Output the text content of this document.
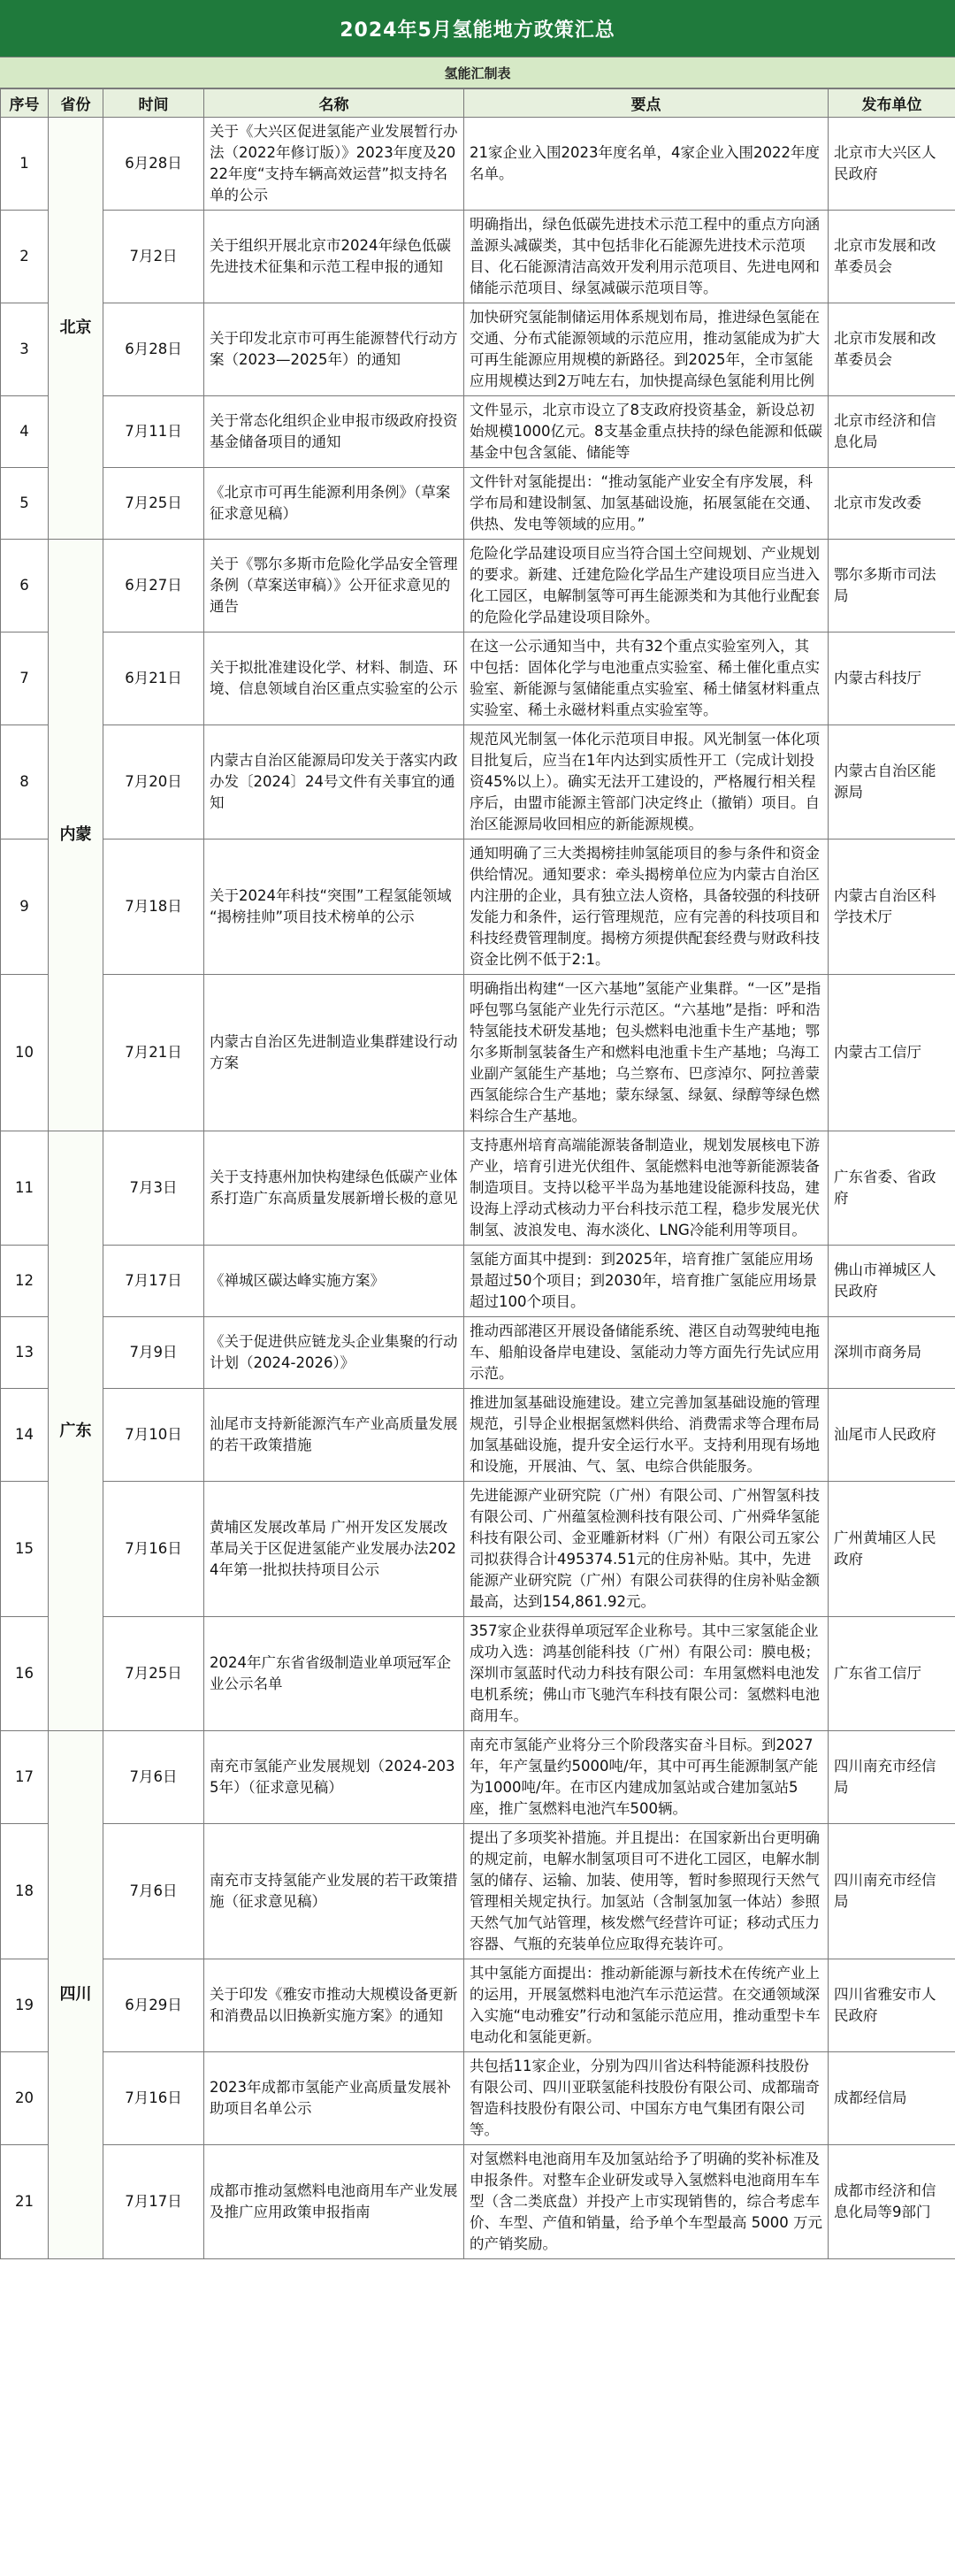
2024年5月氢能地方政策汇总
氢能汇制表
序号	省份	时间	名称	要点	发布单位
1	北京	6月28日	关于《大兴区促进氢能产业发展暂行办法（2022年修订版）》2023年度及2022年度“支持车辆高效运营”拟支持名单的公示	21家企业入围2023年度名单，4家企业入围2022年度名单。	北京市大兴区人民政府
2		7月2日	关于组织开展北京市2024年绿色低碳先进技术征集和示范工程申报的通知	明确指出，绿色低碳先进技术示范工程中的重点方向涵盖源头减碳类，其中包括非化石能源先进技术示范项目、化石能源清洁高效开发利用示范项目、先进电网和储能示范项目、绿氢减碳示范项目等。	北京市发展和改革委员会
3		6月28日	关于印发北京市可再生能源替代行动方案（2023—2025年）的通知	加快研究氢能制储运用体系规划布局，推进绿色氢能在交通、分布式能源领域的示范应用，推动氢能成为扩大可再生能源应用规模的新路径。到2025年，全市氢能应用规模达到2万吨左右，加快提高绿色氢能利用比例	北京市发展和改革委员会
4		7月11日	关于常态化组织企业申报市级政府投资基金储备项目的通知	文件显示，北京市设立了8支政府投资基金，新设总初始规模1000亿元。8支基金重点扶持的绿色能源和低碳基金中包含氢能、储能等	北京市经济和信息化局
5		7月25日	《北京市可再生能源利用条例》（草案征求意见稿）	文件针对氢能提出：“推动氢能产业安全有序发展，科学布局和建设制氢、加氢基础设施，拓展氢能在交通、供热、发电等领域的应用。”	北京市发改委
6	内蒙	6月27日	关于《鄂尔多斯市危险化学品安全管理条例（草案送审稿）》公开征求意见的通告	危险化学品建设项目应当符合国土空间规划、产业规划的要求。新建、迁建危险化学品生产建设项目应当进入化工园区，电解制氢等可再生能源类和为其他行业配套的危险化学品建设项目除外。	鄂尔多斯市司法局
7		6月21日	关于拟批准建设化学、材料、制造、环境、信息领域自治区重点实验室的公示	在这一公示通知当中，共有32个重点实验室列入，其中包括：固体化学与电池重点实验室、稀土催化重点实验室、新能源与氢储能重点实验室、稀土储氢材料重点实验室、稀土永磁材料重点实验室等。	内蒙古科技厅
8		7月20日	内蒙古自治区能源局印发关于落实内政办发〔2024〕24号文件有关事宜的通知	规范风光制氢一体化示范项目申报。风光制氢一体化项目批复后，应当在1年内达到实质性开工（完成计划投资45%以上）。确实无法开工建设的，严格履行相关程序后，由盟市能源主管部门决定终止（撤销）项目。自治区能源局收回相应的新能源规模。	内蒙古自治区能源局
9		7月18日	关于2024年科技“突围”工程氢能领域 “揭榜挂帅”项目技术榜单的公示	通知明确了三大类揭榜挂帅氢能项目的参与条件和资金供给情况。通知要求：牵头揭榜单位应为内蒙古自治区内注册的企业，具有独立法人资格，具备较强的科技研发能力和条件，运行管理规范，应有完善的科技项目和科技经费管理制度。揭榜方须提供配套经费与财政科技资金比例不低于2:1。	内蒙古自治区科学技术厅
10		7月21日	内蒙古自治区先进制造业集群建设行动方案	明确指出构建“一区六基地”氢能产业集群。“一区”是指呼包鄂乌氢能产业先行示范区。“六基地”是指：呼和浩特氢能技术研发基地；包头燃料电池重卡生产基地；鄂尔多斯制氢装备生产和燃料电池重卡生产基地；乌海工业副产氢能生产基地；乌兰察布、巴彦淖尔、阿拉善蒙西氢能综合生产基地；蒙东绿氢、绿氨、绿醇等绿色燃料综合生产基地。	内蒙古工信厅
11	广东	7月3日	关于支持惠州加快构建绿色低碳产业体系打造广东高质量发展新增长极的意见	支持惠州培育高端能源装备制造业，规划发展核电下游产业，培育引进光伏组件、氢能燃料电池等新能源装备制造项目。支持以稔平半岛为基地建设能源科技岛，建设海上浮动式核动力平台科技示范工程，稳步发展光伏制氢、波浪发电、海水淡化、LNG冷能利用等项目。	广东省委、省政府
12		7月17日	《禅城区碳达峰实施方案》	氢能方面其中提到：到2025年，培育推广氢能应用场景超过50个项目；到2030年，培育推广氢能应用场景超过100个项目。	佛山市禅城区人民政府
13		7月9日	《关于促进供应链龙头企业集聚的行动计划（2024-2026）》	推动西部港区开展设备储能系统、港区自动驾驶纯电拖车、船舶设备岸电建设、氢能动力等方面先行先试应用示范。	深圳市商务局
14		7月10日	汕尾市支持新能源汽车产业高质量发展的若干政策措施	推进加氢基础设施建设。建立完善加氢基础设施的管理规范，引导企业根据氢燃料供给、消费需求等合理布局加氢基础设施，提升安全运行水平。支持利用现有场地和设施，开展油、气、氢、电综合供能服务。	汕尾市人民政府
15		7月16日	黄埔区发展改革局 广州开发区发展改革局关于区促进氢能产业发展办法2024年第一批拟扶持项目公示	先进能源产业研究院（广州）有限公司、广州智氢科技有限公司、广州蕴氢检测科技有限公司、广州舜华氢能科技有限公司、金亚雕新材料（广州）有限公司五家公司拟获得合计495374.51元的住房补贴。其中，先进能源产业研究院（广州）有限公司获得的住房补贴金额最高，达到154,861.92元。	广州黄埔区人民政府
16		7月25日	2024年广东省省级制造业单项冠军企业公示名单	357家企业获得单项冠军企业称号。其中三家氢能企业成功入选：鸿基创能科技（广州）有限公司：膜电极；深圳市氢蓝时代动力科技有限公司：车用氢燃料电池发电机系统；佛山市飞驰汽车科技有限公司：氢燃料电池商用车。	广东省工信厅
17	四川	7月6日	南充市氢能产业发展规划（2024-2035年）（征求意见稿）	南充市氢能产业将分三个阶段落实奋斗目标。到2027年，年产氢量约5000吨/年，其中可再生能源制氢产能为1000吨/年。在市区内建成加氢站或合建加氢站5座，推广氢燃料电池汽车500辆。	四川南充市经信局
18		7月6日	南充市支持氢能产业发展的若干政策措施（征求意见稿）	提出了多项奖补措施。并且提出：在国家新出台更明确的规定前，电解水制氢项目可不进化工园区，电解水制氢的储存、运输、加装、使用等，暂时参照现行天然气管理相关规定执行。加氢站（含制氢加氢一体站）参照天然气加气站管理，核发燃气经营许可证；移动式压力容器、气瓶的充装单位应取得充装许可。	四川南充市经信局
19		6月29日	关于印发《雅安市推动大规模设备更新和消费品以旧换新实施方案》的通知	其中氢能方面提出：推动新能源与新技术在传统产业上的运用，开展氢燃料电池汽车示范运营。在交通领域深入实施“电动雅安”行动和氢能示范应用，推动重型卡车电动化和氢能更新。	四川省雅安市人民政府
20		7月16日	2023年成都市氢能产业高质量发展补助项目名单公示	共包括11家企业，分别为四川省达科特能源科技股份有限公司、四川亚联氢能科技股份有限公司、成都瑞奇智造科技股份有限公司、中国东方电气集团有限公司等。	成都经信局
21		7月17日	成都市推动氢燃料电池商用车产业发展及推广应用政策申报指南	对氢燃料电池商用车及加氢站给予了明确的奖补标准及申报条件。对整车企业研发或导入氢燃料电池商用车车型（含二类底盘）并投产上市实现销售的，综合考虑车价、车型、产值和销量，给予单个车型最高 5000 万元的产销奖励。	成都市经济和信息化局等9部门
